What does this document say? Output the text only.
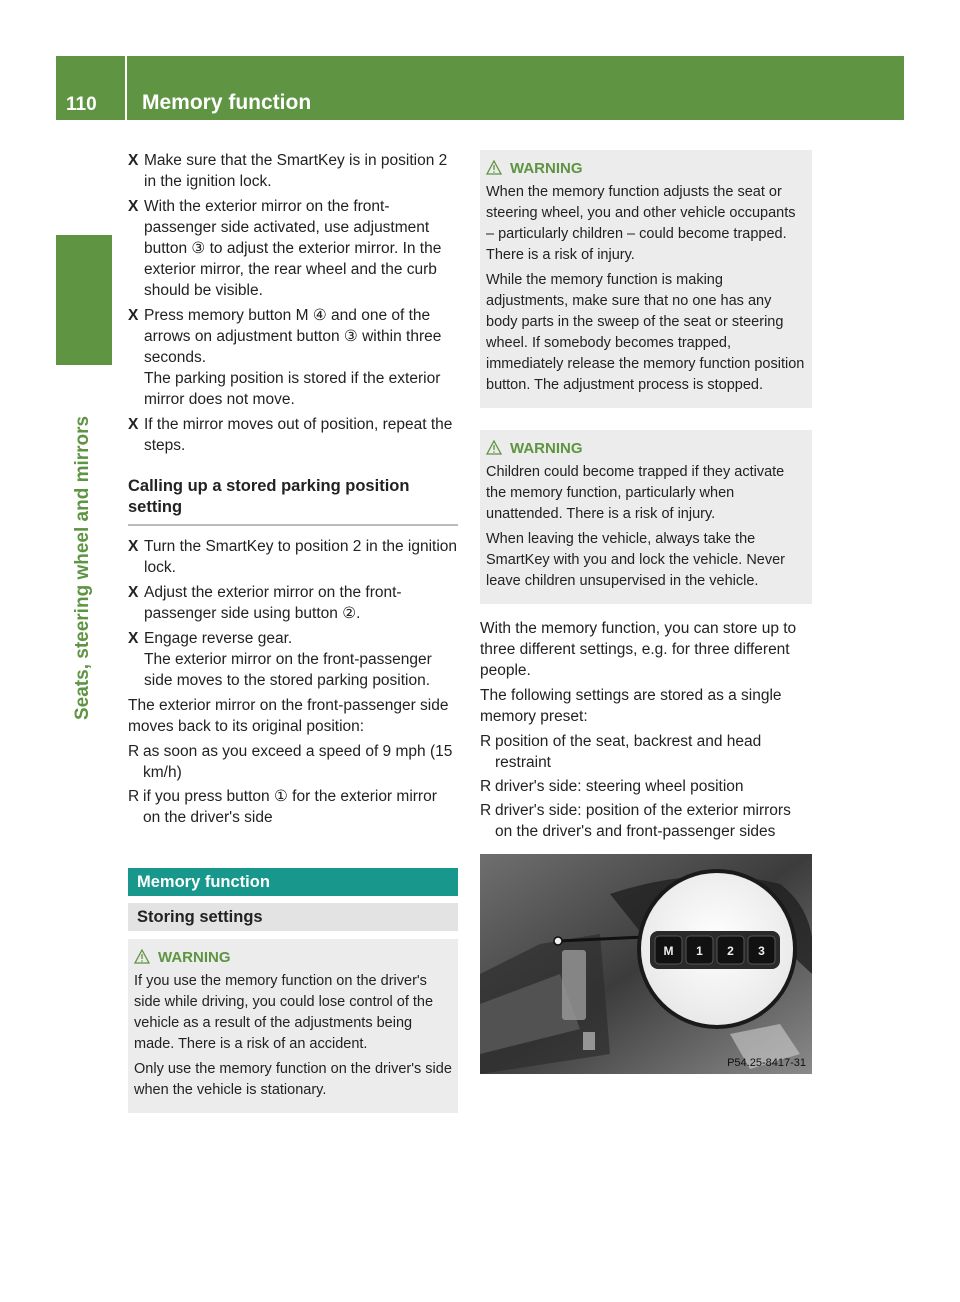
110 Memory function
Seats, steering wheel and mirrors
X Make sure that the SmartKey is in position 2 in the ignition lock.
X With the exterior mirror on the front-passenger side activated, use adjustment button ③ to adjust the exterior mirror. In the exterior mirror, the rear wheel and the curb should be visible.
X Press memory button M ④ and one of the arrows on adjustment button ③ within three seconds.
The parking position is stored if the exterior mirror does not move.
X If the mirror moves out of position, repeat the steps.
Calling up a stored parking position setting
X Turn the SmartKey to position 2 in the ignition lock.
X Adjust the exterior mirror on the front-passenger side using button ②.
X Engage reverse gear.
The exterior mirror on the front-passenger side moves to the stored parking position.

The exterior mirror on the front-passenger side moves back to its original position:

R as soon as you exceed a speed of 9 mph (15 km/h)
R if you press button ① for the exterior mirror on the driver's side
Memory function
Storing settings
WARNING

If you use the memory function on the driver's side while driving, you could lose control of the vehicle as a result of the adjustments being made. There is a risk of an accident.

Only use the memory function on the driver's side when the vehicle is stationary.

WARNING

When the memory function adjusts the seat or steering wheel, you and other vehicle occupants – particularly children – could become trapped. There is a risk of injury.

While the memory function is making adjustments, make sure that no one has any body parts in the sweep of the seat or steering wheel. If somebody becomes trapped, immediately release the memory function position button. The adjustment process is stopped.

WARNING

Children could become trapped if they activate the memory function, particularly when unattended. There is a risk of injury.

When leaving the vehicle, always take the SmartKey with you and lock the vehicle. Never leave children unsupervised in the vehicle.

With the memory function, you can store up to three different settings, e.g. for three different people.

The following settings are stored as a single memory preset:

R position of the seat, backrest and head restraint
R driver's side: steering wheel position
R driver's side: position of the exterior mirrors on the driver's and front-passenger sides
M 1 2 3
P54.25-8417-31
